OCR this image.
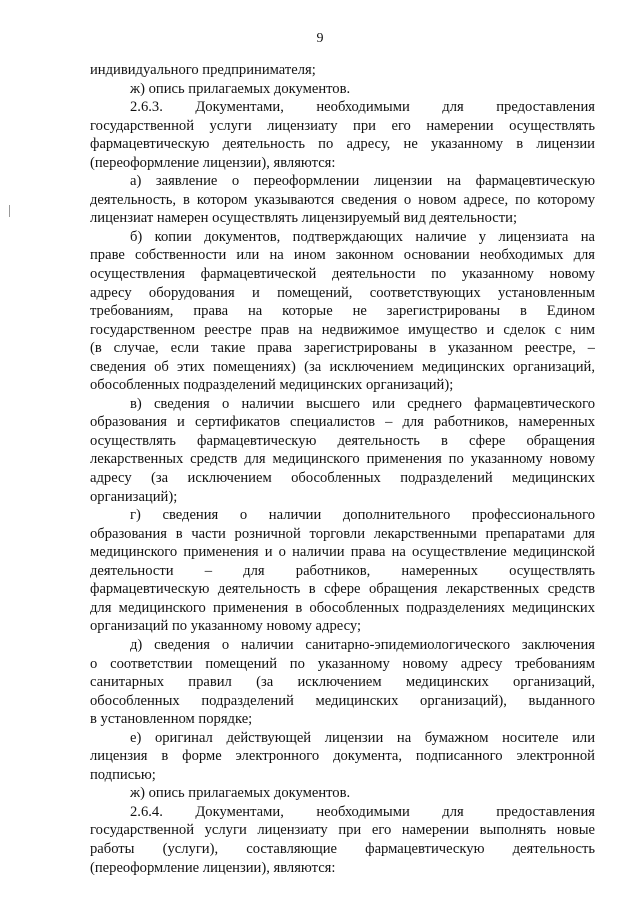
9
индивидуального предпринимателя;
ж) опись прилагаемых документов.
2.6.3. Документами, необходимыми для предоставления
государственной услуги лицензиату при его намерении осуществлять
фармацевтическую деятельность по адресу, не указанному в лицензии
(переоформление лицензии), являются:
а) заявление о переоформлении лицензии на фармацевтическую
деятельность, в котором указываются сведения о новом адресе, по которому
лицензиат намерен осуществлять лицензируемый вид деятельности;
б) копии документов, подтверждающих наличие у лицензиата на
праве собственности или на ином законном основании необходимых для
осуществления фармацевтической деятельности по указанному новому
адресу оборудования и помещений, соответствующих установленным
требованиям, права на которые не зарегистрированы в Едином
государственном реестре прав на недвижимое имущество и сделок с ним
(в случае, если такие права зарегистрированы в указанном реестре, –
сведения об этих помещениях) (за исключением медицинских организаций,
обособленных подразделений медицинских организаций);
в) сведения о наличии высшего или среднего фармацевтического
образования и сертификатов специалистов – для работников, намеренных
осуществлять фармацевтическую деятельность в сфере обращения
лекарственных средств для медицинского применения по указанному новому
адресу (за исключением обособленных подразделений медицинских
организаций);
г) сведения о наличии дополнительного профессионального
образования в части розничной торговли лекарственными препаратами для
медицинского применения и о наличии права на осуществление медицинской
деятельности – для работников, намеренных осуществлять
фармацевтическую деятельность в сфере обращения лекарственных средств
для медицинского применения в обособленных подразделениях медицинских
организаций по указанному новому адресу;
д) сведения о наличии санитарно-эпидемиологического заключения
о соответствии помещений по указанному новому адресу требованиям
санитарных правил (за исключением медицинских организаций,
обособленных подразделений медицинских организаций), выданного
в установленном порядке;
е) оригинал действующей лицензии на бумажном носителе или
лицензия в форме электронного документа, подписанного электронной
подписью;
ж) опись прилагаемых документов.
2.6.4. Документами, необходимыми для предоставления
государственной услуги лицензиату при его намерении выполнять новые
работы (услуги), составляющие фармацевтическую деятельность
(переоформление лицензии), являются:
